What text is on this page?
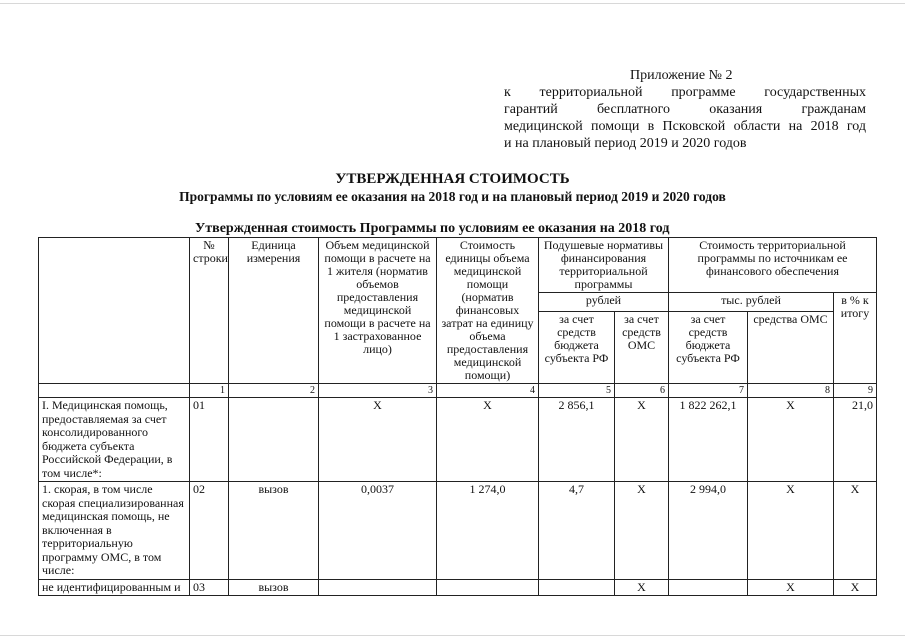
Приложение № 2
к территориальной программе государственных
гарантий бесплатного оказания гражданам
медицинской помощи в Псковской области на 2018 год
и на плановый период 2019 и 2020 годов
УТВЕРЖДЕННАЯ СТОИМОСТЬ
Программы по условиям ее оказания на 2018 год и на плановый период 2019 и 2020 годов
Утвержденная стоимость Программы по условиям ее оказания на 2018 год
	№ строки	Единица измерения	Объем медицинской помощи в расчете на 1 жителя (норматив объемов предоставления медицинской помощи в расчете на 1 застрахованное лицо)	Стоимость единицы объема медицинской помощи (норматив финансовых затрат на единицу объема предоставления медицинской помощи)	Подушевые нормативы финансирования территориальной программы		Стоимость территориальной программы по источникам ее финансового обеспечения		
					рублей		тыс. рублей		в % к итогу
					за счет средств бюджета субъекта РФ	за счет средств ОМС	за счет средств бюджета субъекта РФ	средства ОМС	
	1	2	3	4	5	6	7	8	9
I. Медицинская помощь, предоставляемая за счет консолидированного бюджета субъекта Российской Федерации, в том числе*:	01		X	X	2 856,1	X	1 822 262,1	X	21,0
1. скорая, в том числе скорая специализированная медицинская помощь, не включенная в территориальную программу ОМС, в том числе:	02	вызов	0,0037	1 274,0	4,7	X	2 994,0	X	X
не идентифицированным и	03	вызов				X		X	X
